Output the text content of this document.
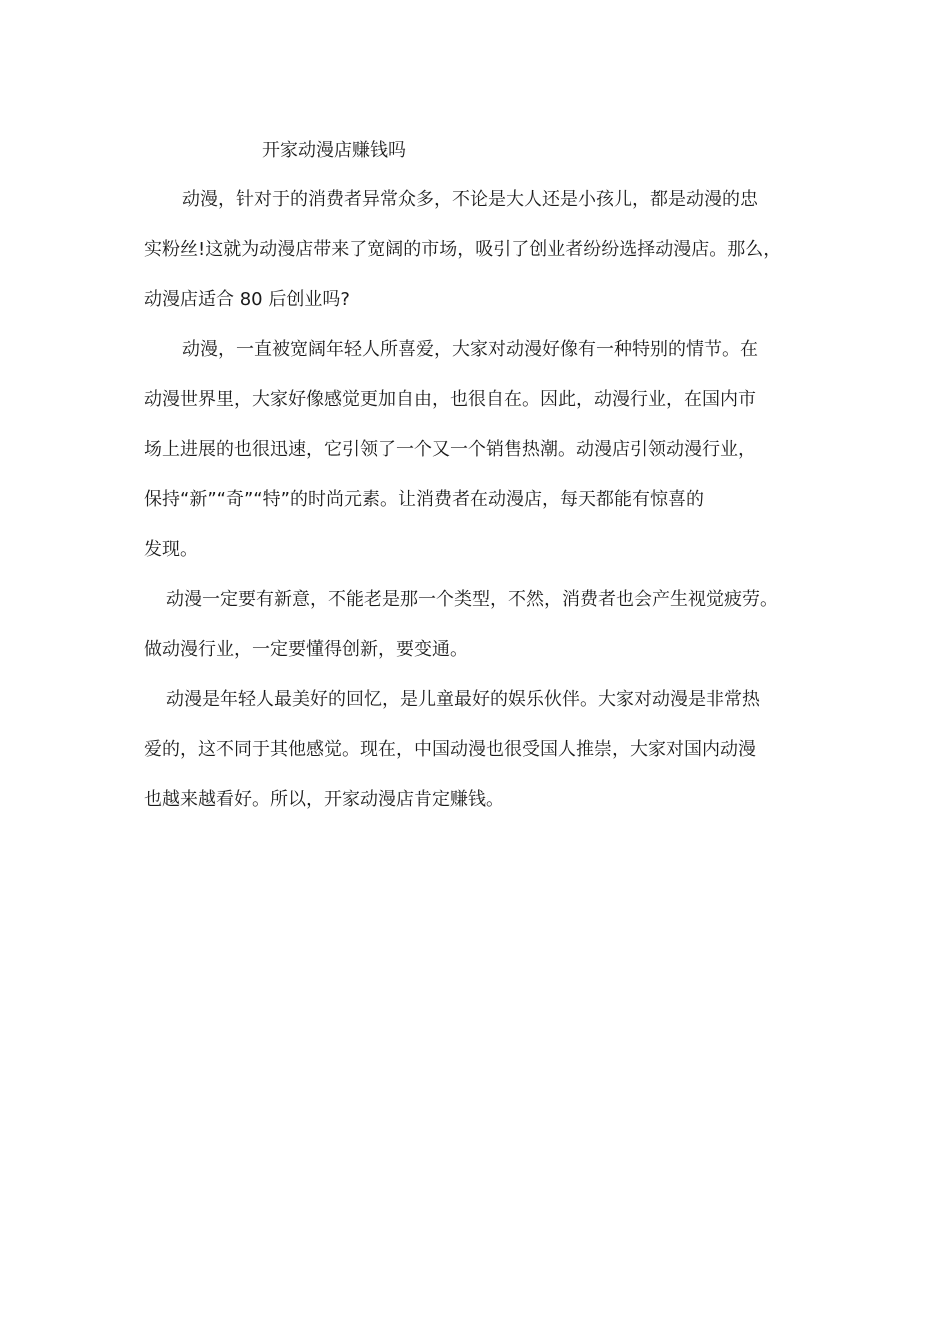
开家动漫店赚钱吗
动漫，针对于的消费者异常众多，不论是大人还是小孩儿，都是动漫的忠
实粉丝!这就为动漫店带来了宽阔的市场，吸引了创业者纷纷选择动漫店。那么，
动漫店适合 80 后创业吗?
动漫，一直被宽阔年轻人所喜爱，大家对动漫好像有一种特别的情节。在
动漫世界里，大家好像感觉更加自由，也很自在。因此，动漫行业，在国内市
场上进展的也很迅速，它引领了一个又一个销售热潮。动漫店引领动漫行业，
保持“新”“奇”“特”的时尚元素。让消费者在动漫店，每天都能有惊喜的
发现。
动漫一定要有新意，不能老是那一个类型，不然，消费者也会产生视觉疲劳。
做动漫行业，一定要懂得创新，要变通。
动漫是年轻人最美好的回忆，是儿童最好的娱乐伙伴。大家对动漫是非常热
爱的，这不同于其他感觉。现在，中国动漫也很受国人推崇，大家对国内动漫
也越来越看好。所以，开家动漫店肯定赚钱。
